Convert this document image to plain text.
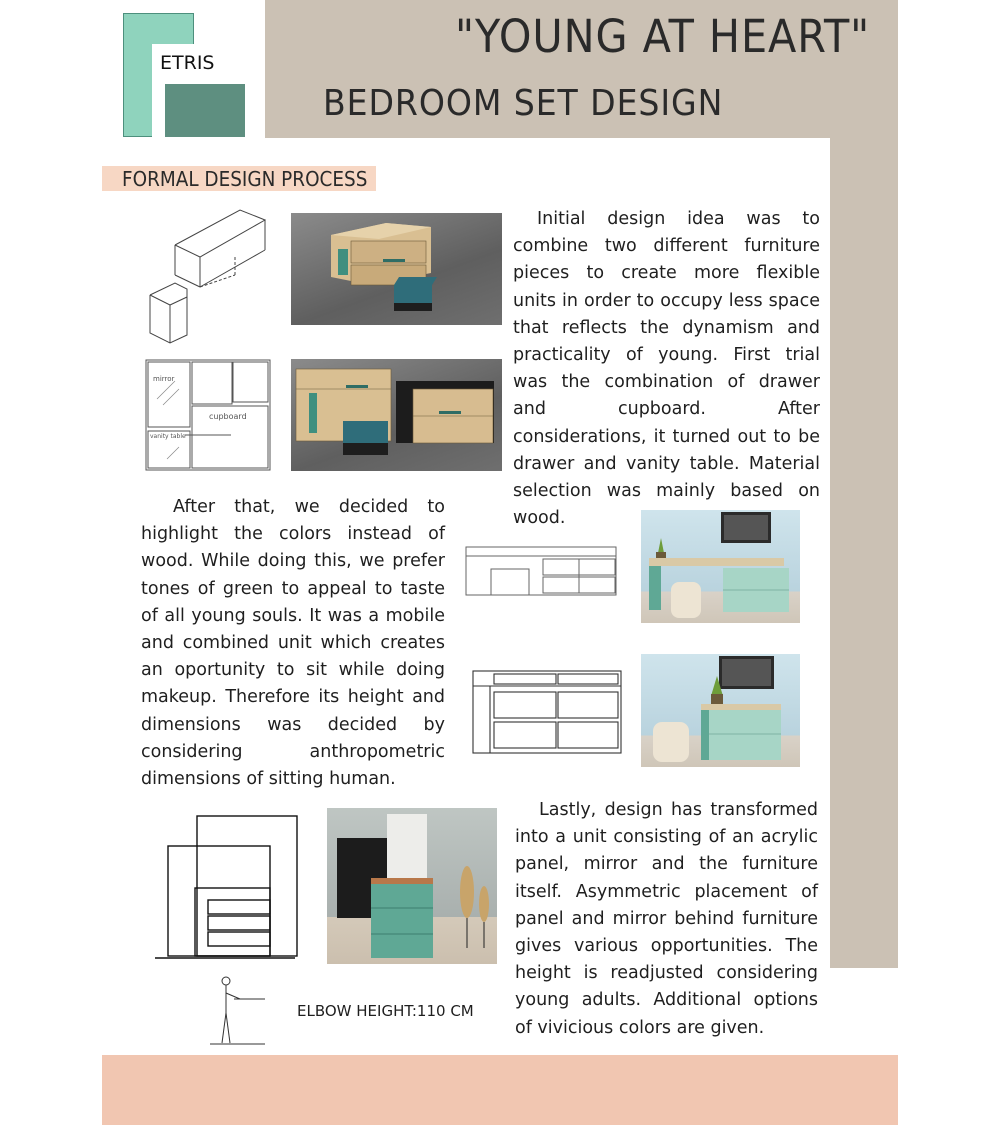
ETRIS	"YOUNG AT HEART"
BEDROOM SET DESIGN
FORMAL DESIGN PROCESS
mirror
cupboard
vanity table
Initial design idea was to combine two different furniture pieces to create more flexible units in order to occupy less space that reflects the dynamism and practicality of young. First trial was the combination of drawer and cupboard. After considerations, it turned out to be drawer and vanity table. Material selection was mainly based on wood.
After that, we decided to highlight the colors instead of wood. While doing this, we prefer tones of green to appeal to taste of all young souls. It was a mobile and combined unit which creates an oportunity to sit while doing makeup. Therefore its height and dimensions was decided by considering anthropometric dimensions of sitting human.
ELBOW HEIGHT:110 CM
Lastly, design has transformed into a unit consisting of an acrylic panel, mirror and the furniture itself. Asymmetric placement of panel and mirror behind furniture gives various opportunities. The height is readjusted considering young adults. Additional options of vivicious colors are given.
